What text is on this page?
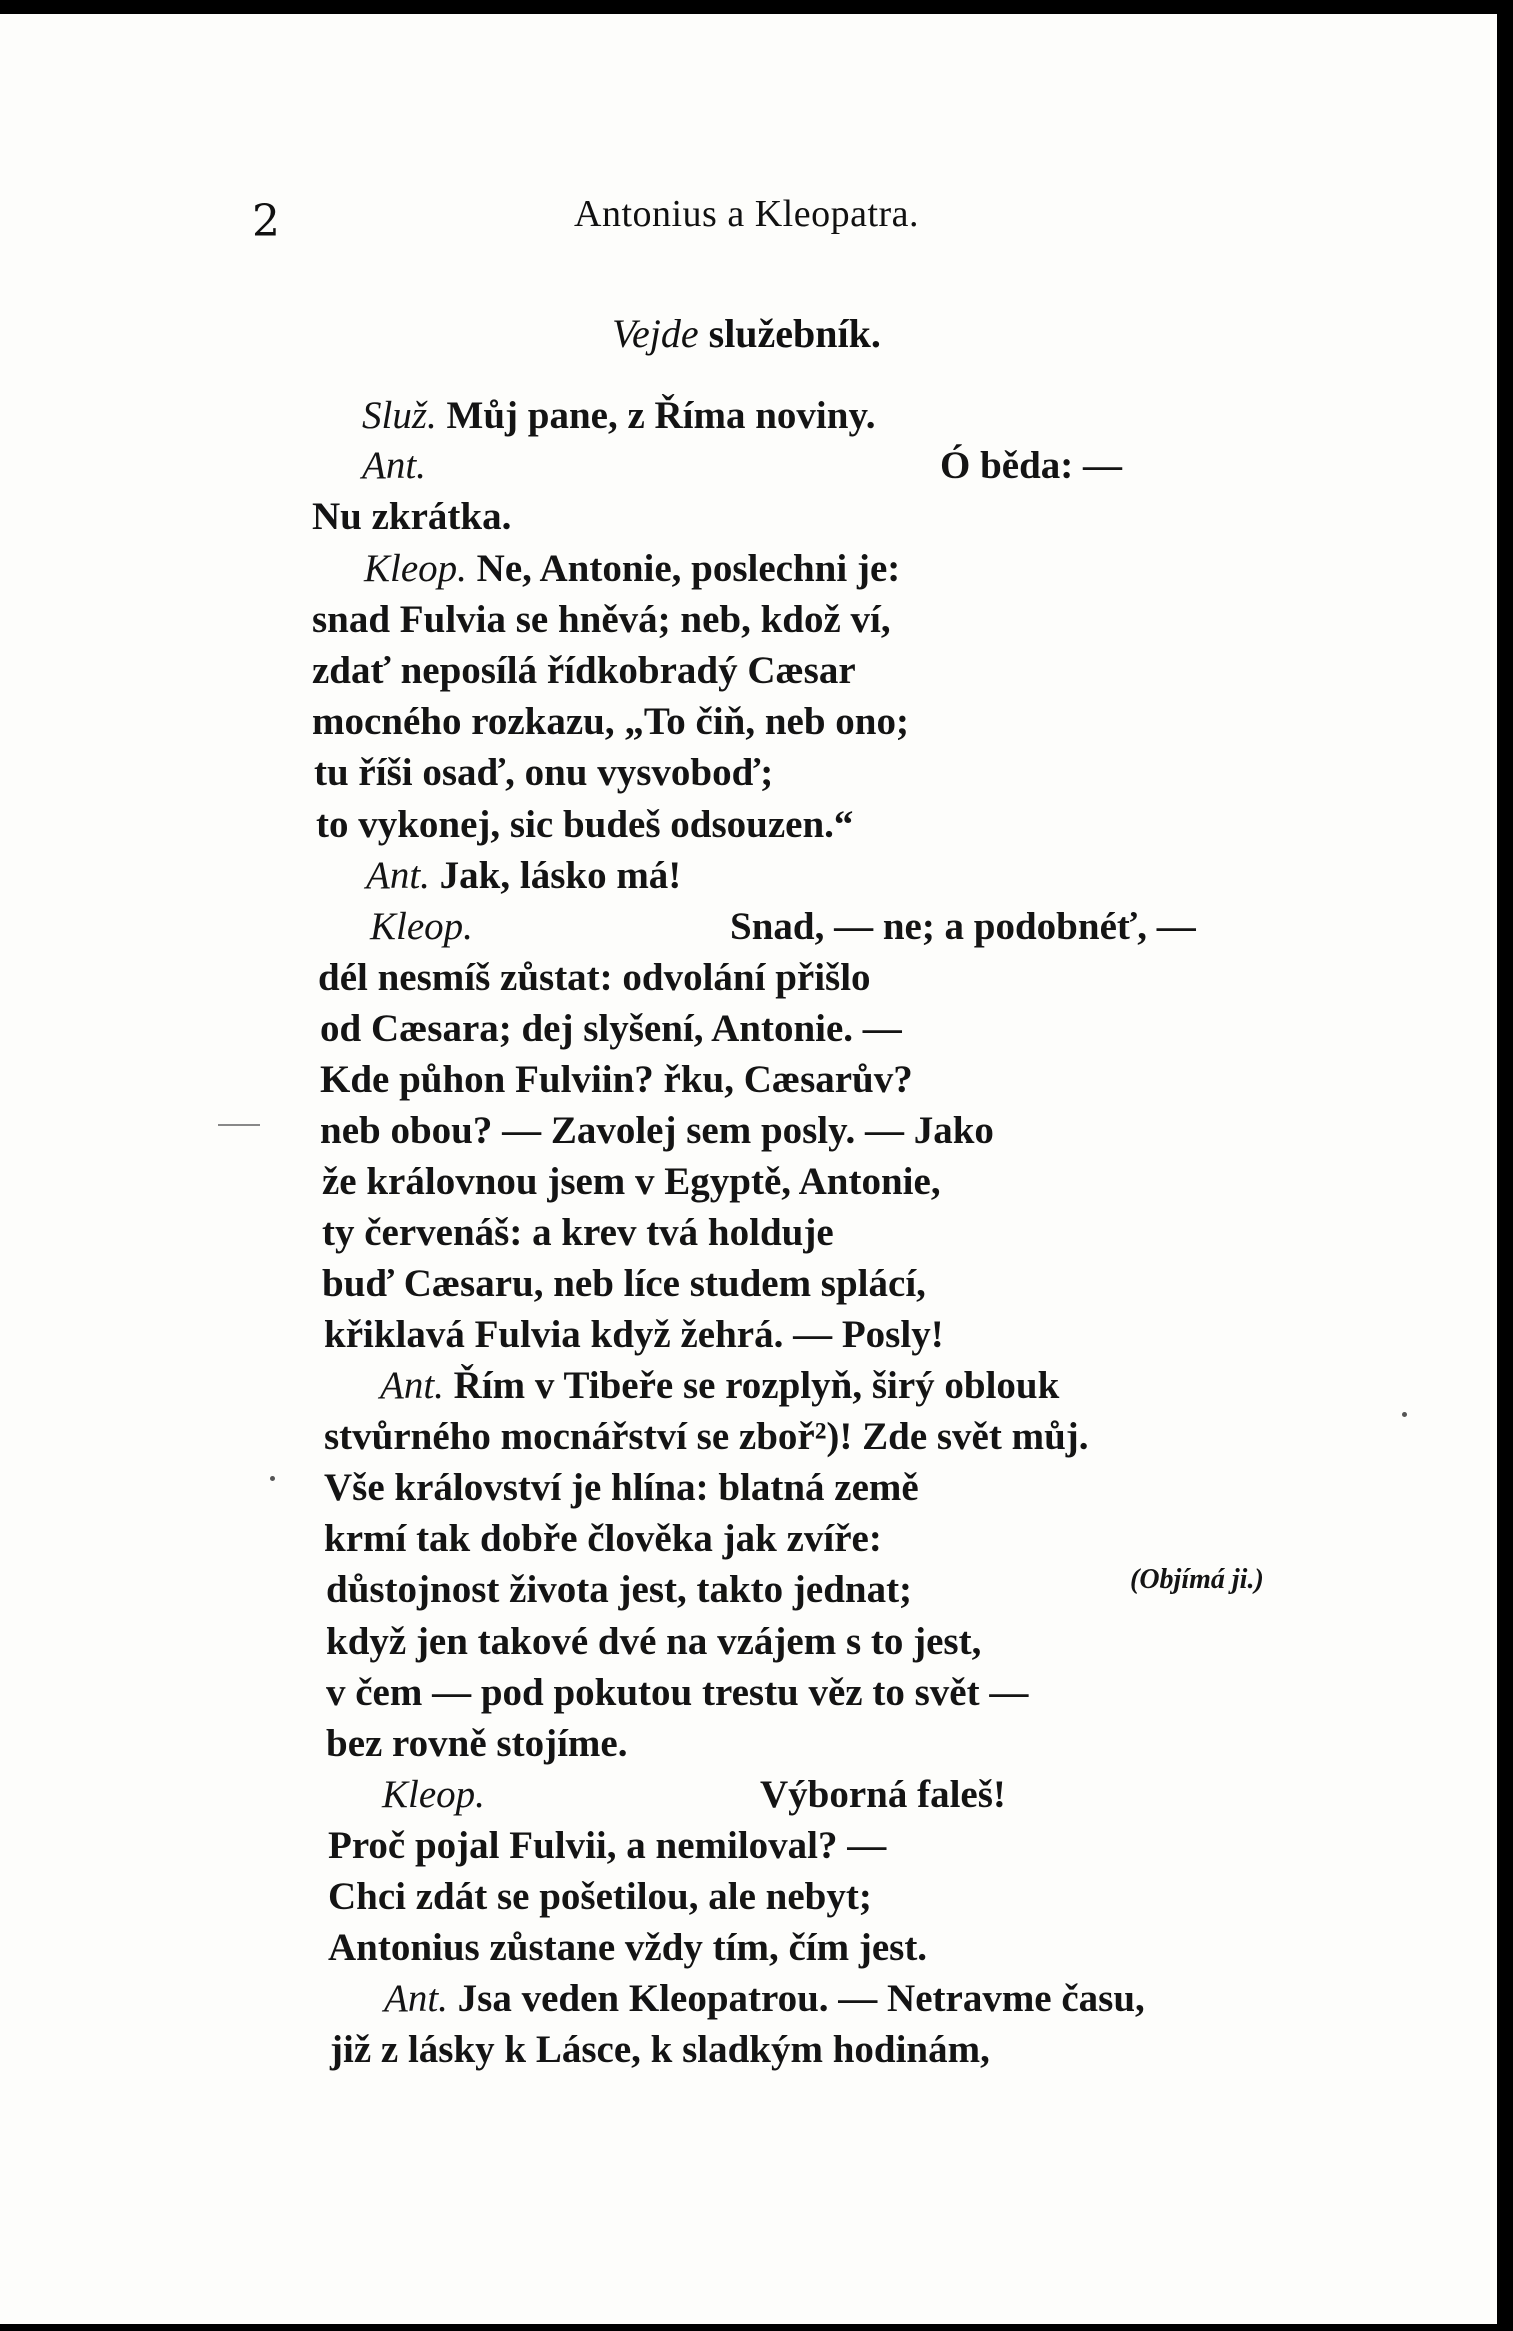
2	Antonius a Kleopatra.
Vejde služebník.
Služ. Můj pane, z Říma noviny.
Ant.	Ó běda: —
Nu zkrátka.
Kleop. Ne, Antonie, poslechni je:
snad Fulvia se hněvá; neb, kdož ví,
zdať neposílá řídkobradý Cæsar
mocného rozkazu, „To čiň, neb ono;
tu říši osaď, onu vysvoboď;
to vykonej, sic budeš odsouzen.“
Ant. Jak, lásko má!
Kleop.	Snad, — ne; a podobnéť, —
dél nesmíš zůstat: odvolání přišlo
od Cæsara; dej slyšení, Antonie. —
Kde půhon Fulviin? řku, Cæsarův?
neb obou? — Zavolej sem posly. — Jako
že královnou jsem v Egyptě, Antonie,
ty červenáš: a krev tvá holduje
buď Cæsaru, neb líce studem splácí,
křiklavá Fulvia když žehrá. — Posly!
Ant. Řím v Tibeře se rozplyň, širý oblouk
stvůrného mocnářství se zboř²)! Zde svět můj.
Vše království je hlína: blatná země
krmí tak dobře člověka jak zvíře:
důstojnost života jest, takto jednat;
když jen takové dvé na vzájem s to jest,
v čem — pod pokutou trestu věz to svět —
bez rovně stojíme.
Kleop.	Výborná faleš!
Proč pojal Fulvii, a nemiloval? —
Chci zdát se pošetilou, ale nebyt;
Antonius zůstane vždy tím, čím jest.
Ant. Jsa veden Kleopatrou. — Netravme času,
již z lásky k Lásce, k sladkým hodinám,
(Objímá ji.)
